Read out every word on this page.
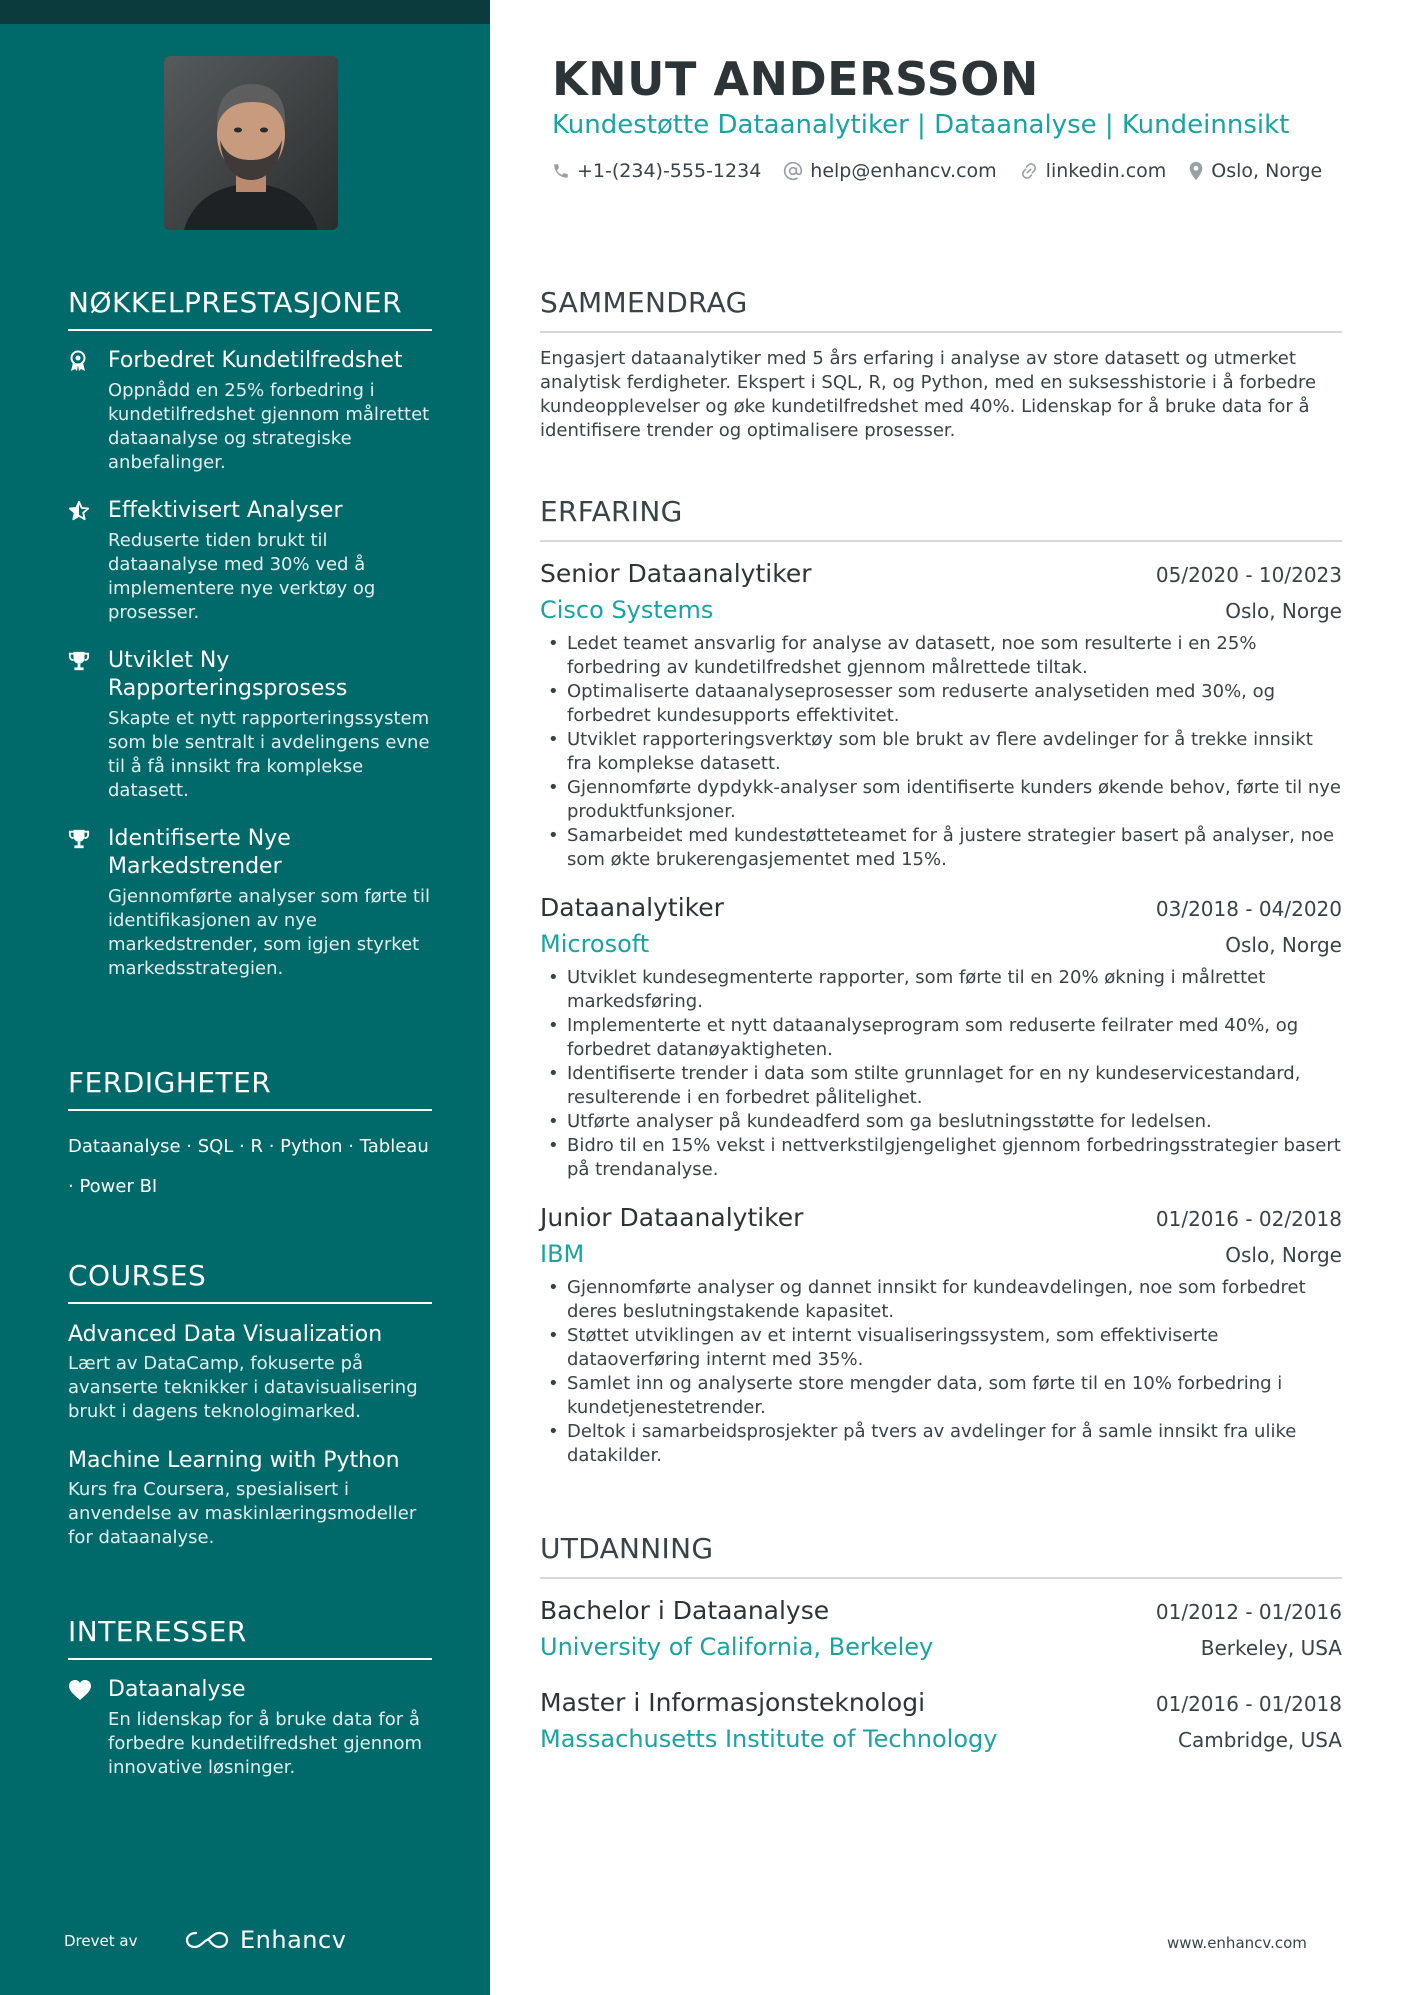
NØKKELPRESTASJONER
Forbedret Kundetilfredshet
Oppnådd en 25% forbedring i kundetilfredshet gjennom målrettet dataanalyse og strategiske anbefalinger.
Effektivisert Analyser
Reduserte tiden brukt til dataanalyse med 30% ved å implementere nye verktøy og prosesser.
Utviklet Ny Rapporteringsprosess
Skapte et nytt rapporteringssystem som ble sentralt i avdelingens evne til å få innsikt fra komplekse datasett.
Identifiserte Nye Markedstrender
Gjennomførte analyser som førte til identifikasjonen av nye markedstrender, som igjen styrket markedsstrategien.
FERDIGHETER
Dataanalyse · SQL · R · Python · Tableau · Power BI
COURSES
Advanced Data Visualization
Lært av DataCamp, fokuserte på avanserte teknikker i datavisualisering brukt i dagens teknologimarked.
Machine Learning with Python
Kurs fra Coursera, spesialisert i anvendelse av maskinlæringsmodeller for dataanalyse.
INTERESSER
Dataanalyse
En lidenskap for å bruke data for å forbedre kundetilfredshet gjennom innovative løsninger.
Drevet av	Enhancv
KNUT ANDERSSON
Kundestøtte Dataanalytiker | Dataanalyse | Kundeinnsikt
+1-(234)-555-1234	help@enhancv.com	linkedin.com Oslo, Norge
SAMMENDRAG

Engasjert dataanalytiker med 5 års erfaring i analyse av store datasett og utmerket analytisk ferdigheter. Ekspert i SQL, R, og Python, med en suksesshistorie i å forbedre kundeopplevelser og øke kundetilfredshet med 40%. Lidenskap for å bruke data for å identifisere trender og optimalisere prosesser.

ERFARING
Senior Dataanalytiker	05/2020 - 10/2023
Cisco Systems	Oslo, Norge
• Ledet teamet ansvarlig for analyse av datasett, noe som resulterte i en 25% forbedring av kundetilfredshet gjennom målrettede tiltak.
• Optimaliserte dataanalyseprosesser som reduserte analysetiden med 30%, og forbedret kundesupports effektivitet.
• Utviklet rapporteringsverktøy som ble brukt av flere avdelinger for å trekke innsikt fra komplekse datasett.
• Gjennomførte dypdykk-analyser som identifiserte kunders økende behov, førte til nye produktfunksjoner.
• Samarbeidet med kundestøtteteamet for å justere strategier basert på analyser, noe som økte brukerengasjementet med 15%.
Dataanalytiker	03/2018 - 04/2020
Microsoft	Oslo, Norge
• Utviklet kundesegmenterte rapporter, som førte til en 20% økning i målrettet markedsføring.
• Implementerte et nytt dataanalyseprogram som reduserte feilrater med 40%, og forbedret datanøyaktigheten.
• Identifiserte trender i data som stilte grunnlaget for en ny kundeservicestandard, resulterende i en forbedret pålitelighet.
• Utførte analyser på kundeadferd som ga beslutningsstøtte for ledelsen.
• Bidro til en 15% vekst i nettverkstilgjengelighet gjennom forbedringsstrategier basert på trendanalyse.
Junior Dataanalytiker	01/2016 - 02/2018
IBM	Oslo, Norge
• Gjennomførte analyser og dannet innsikt for kundeavdelingen, noe som forbedret deres beslutningstakende kapasitet.
• Støttet utviklingen av et internt visualiseringssystem, som effektiviserte dataoverføring internt med 35%.
• Samlet inn og analyserte store mengder data, som førte til en 10% forbedring i kundetjenestetrender.
• Deltok i samarbeidsprosjekter på tvers av avdelinger for å samle innsikt fra ulike datakilder.
UTDANNING
Bachelor i Dataanalyse	01/2012 - 01/2016
University of California, Berkeley	Berkeley, USA
Master i Informasjonsteknologi	01/2016 - 01/2018
Massachusetts Institute of Technology	Cambridge, USA
www.enhancv.com
